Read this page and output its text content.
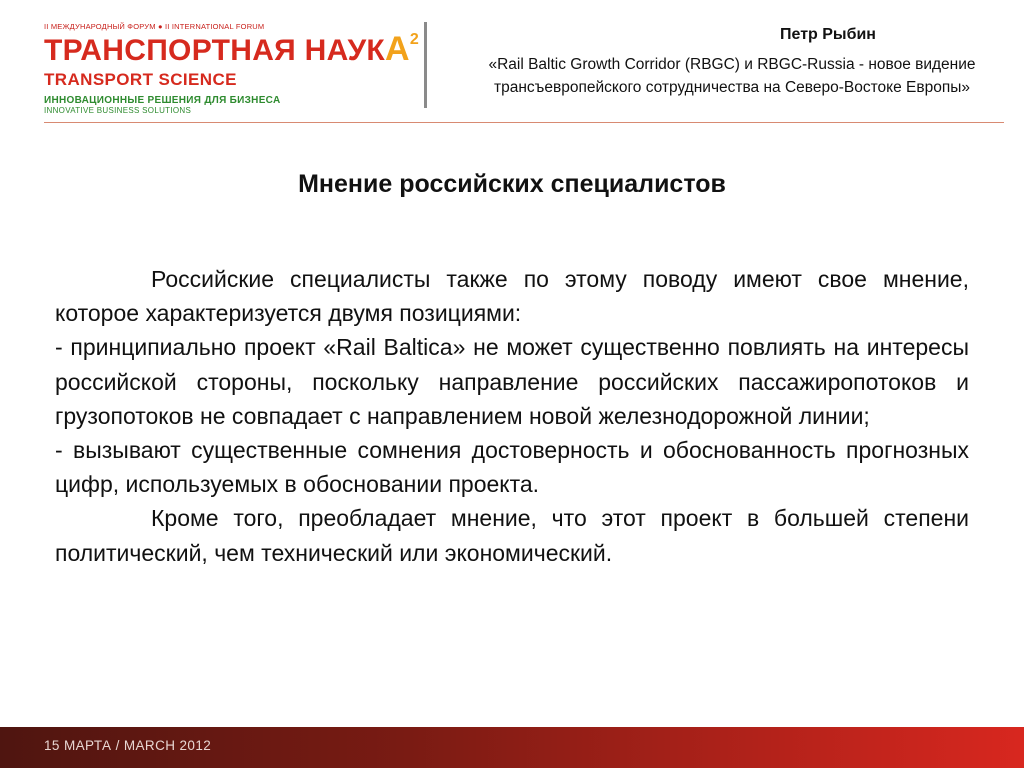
II МЕЖДУНАРОДНЫЙ ФОРУМ ● II INTERNATIONAL FORUM
ТРАНСПОРТНАЯ НАУКА$^2$
TRANSPORT SCIENCE
ИННОВАЦИОННЫЕ РЕШЕНИЯ ДЛЯ БИЗНЕСА
INNOVATIVE BUSINESS SOLUTIONS
Петр Рыбин
«Rail Baltic Growth Corridor (RBGC) и RBGC-Russia - новое видение трансъевропейского сотрудничества на Северо-Востоке Европы»
Мнение российских специалистов

Российские специалисты также по этому поводу имеют свое мнение, которое характеризуется двумя позициями:

- принципиально проект «Rail Baltica» не может существенно повлиять на интересы российской стороны, поскольку направление российских пассажиропотоков и грузопотоков не совпадает с направлением новой железнодорожной линии;

- вызывают существенные сомнения достоверность и обоснованность прогнозных цифр, используемых в обосновании проекта.

Кроме того, преобладает мнение, что этот проект в большей степени политический, чем технический или экономический.

15 МАРТА / MARCH 2012
